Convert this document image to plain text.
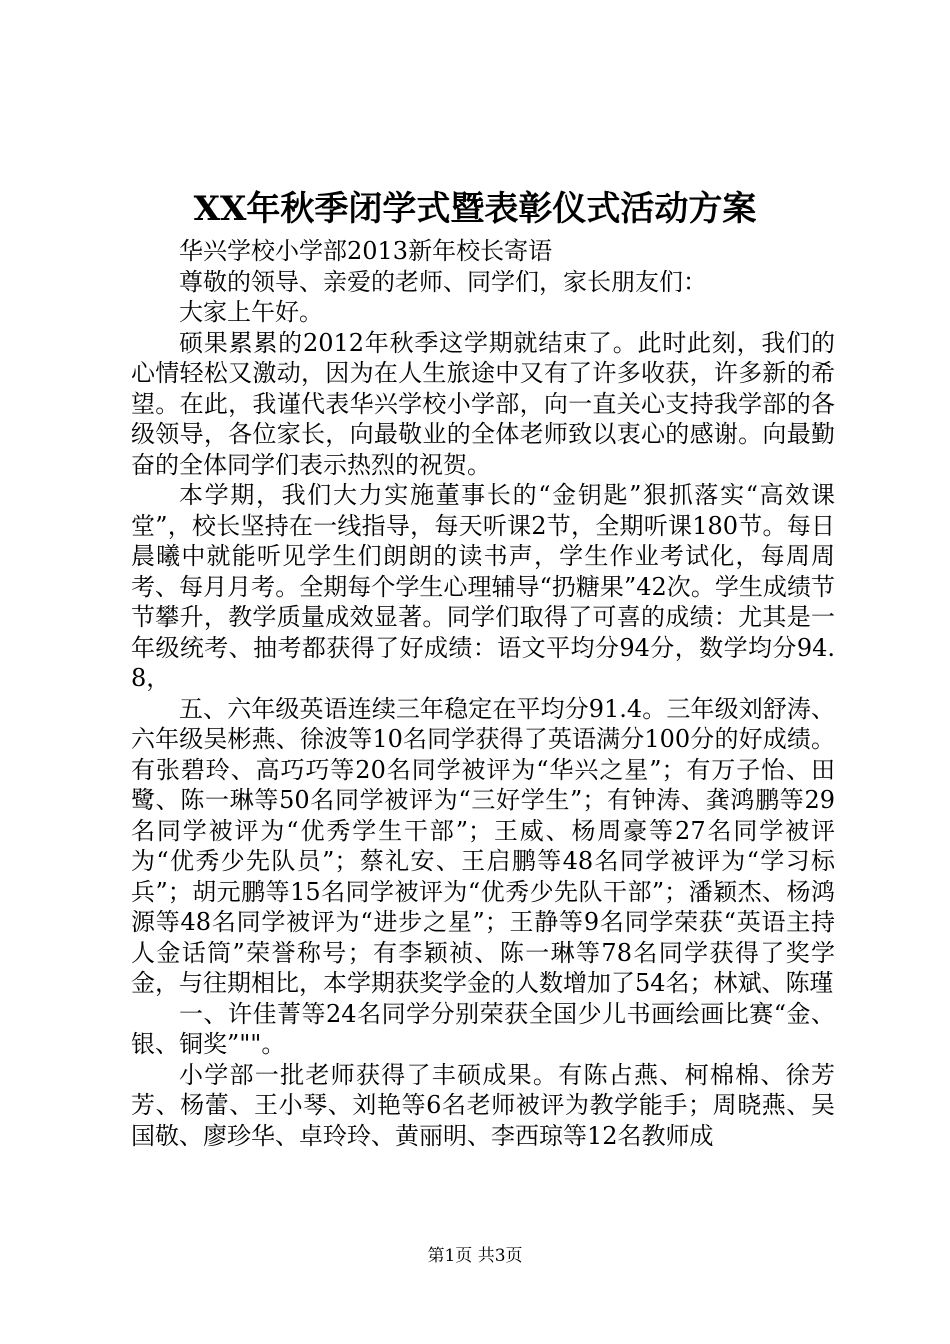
XX年秋季闭学式暨表彰仪式活动方案

华兴学校小学部2013新年校长寄语

尊敬的领导、亲爱的老师、同学们，家长朋友们：

大家上午好。

硕果累累的2012年秋季这学期就结束了。此时此刻，我们的心情轻松又激动，因为在人生旅途中又有了许多收获，许多新的希望。在此，我谨代表华兴学校小学部，向一直关心支持我学部的各级领导，各位家长，向最敬业的全体老师致以衷心的感谢。向最勤奋的全体同学们表示热烈的祝贺。

本学期，我们大力实施董事长的“金钥匙”狠抓落实“高效课堂”，校长坚持在一线指导，每天听课2节，全期听课180节。每日晨曦中就能听见学生们朗朗的读书声，学生作业考试化，每周周考、每月月考。全期每个学生心理辅导“扔糖果”42次。学生成绩节节攀升，教学质量成效显著。同学们取得了可喜的成绩：尤其是一年级统考、抽考都获得了好成绩：语文平均分94分，数学均分94.8，

五、六年级英语连续三年稳定在平均分91.4。三年级刘舒涛、六年级吴彬燕、徐波等10名同学获得了英语满分100分的好成绩。有张碧玲、高巧巧等20名同学被评为“华兴之星”；有万子怡、田鹭、陈一琳等50名同学被评为“三好学生”；有钟涛、龚鸿鹏等29名同学被评为“优秀学生干部”；王威、杨周豪等27名同学被评为“优秀少先队员”；蔡礼安、王启鹏等48名同学被评为“学习标兵”；胡元鹏等15名同学被评为“优秀少先队干部”；潘颖杰、杨鸿源等48名同学被评为“进步之星”；王静等9名同学荣获“英语主持人金话筒”荣誉称号；有李颖祯、陈一琳等78名同学获得了奖学金，与往期相比，本学期获奖学金的人数增加了54名；林斌、陈瑾

一、许佳菁等24名同学分别荣获全国少儿书画绘画比赛“金、银、铜奖”""。

小学部一批老师获得了丰硕成果。有陈占燕、柯棉棉、徐芳芳、杨蕾、王小琴、刘艳等6名老师被评为教学能手；周晓燕、吴国敬、廖珍华、卓玲玲、黄丽明、李西琼等12名教师成

第1页 共3页
